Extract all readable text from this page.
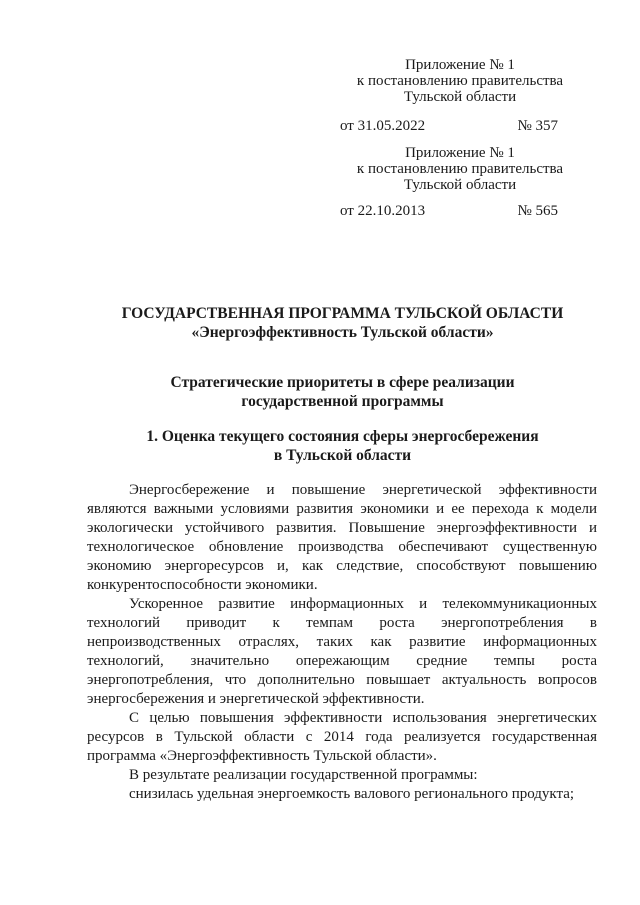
Приложение № 1
к постановлению правительства
Тульской области
от 31.05.2022	№ 357
Приложение № 1
к постановлению правительства
Тульской области
от 22.10.2013	№ 565
ГОСУДАРСТВЕННАЯ ПРОГРАММА ТУЛЬСКОЙ ОБЛАСТИ
«Энергоэффективность Тульской области»
Стратегические приоритеты в сфере реализации
государственной программы
1. Оценка текущего состояния сферы энергосбережения
в Тульской области

Энергосбережение и повышение энергетической эффективности являются важными условиями развития экономики и ее перехода к модели экологически устойчивого развития. Повышение энергоэффективности и технологическое обновление производства обеспечивают существенную экономию энергоресурсов и, как следствие, способствуют повышению конкурентоспособности экономики.

Ускоренное развитие информационных и телекоммуникационных технологий приводит к темпам роста энергопотребления в непроизводственных отраслях, таких как развитие информационных технологий, значительно опережающим средние темпы роста энергопотребления, что дополнительно повышает актуальность вопросов энергосбережения и энергетической эффективности.

С целью повышения эффективности использования энергетических ресурсов в Тульской области с 2014 года реализуется государственная программа «Энергоэффективность Тульской области».

В результате реализации государственной программы:

снизилась удельная энергоемкость валового регионального продукта;
